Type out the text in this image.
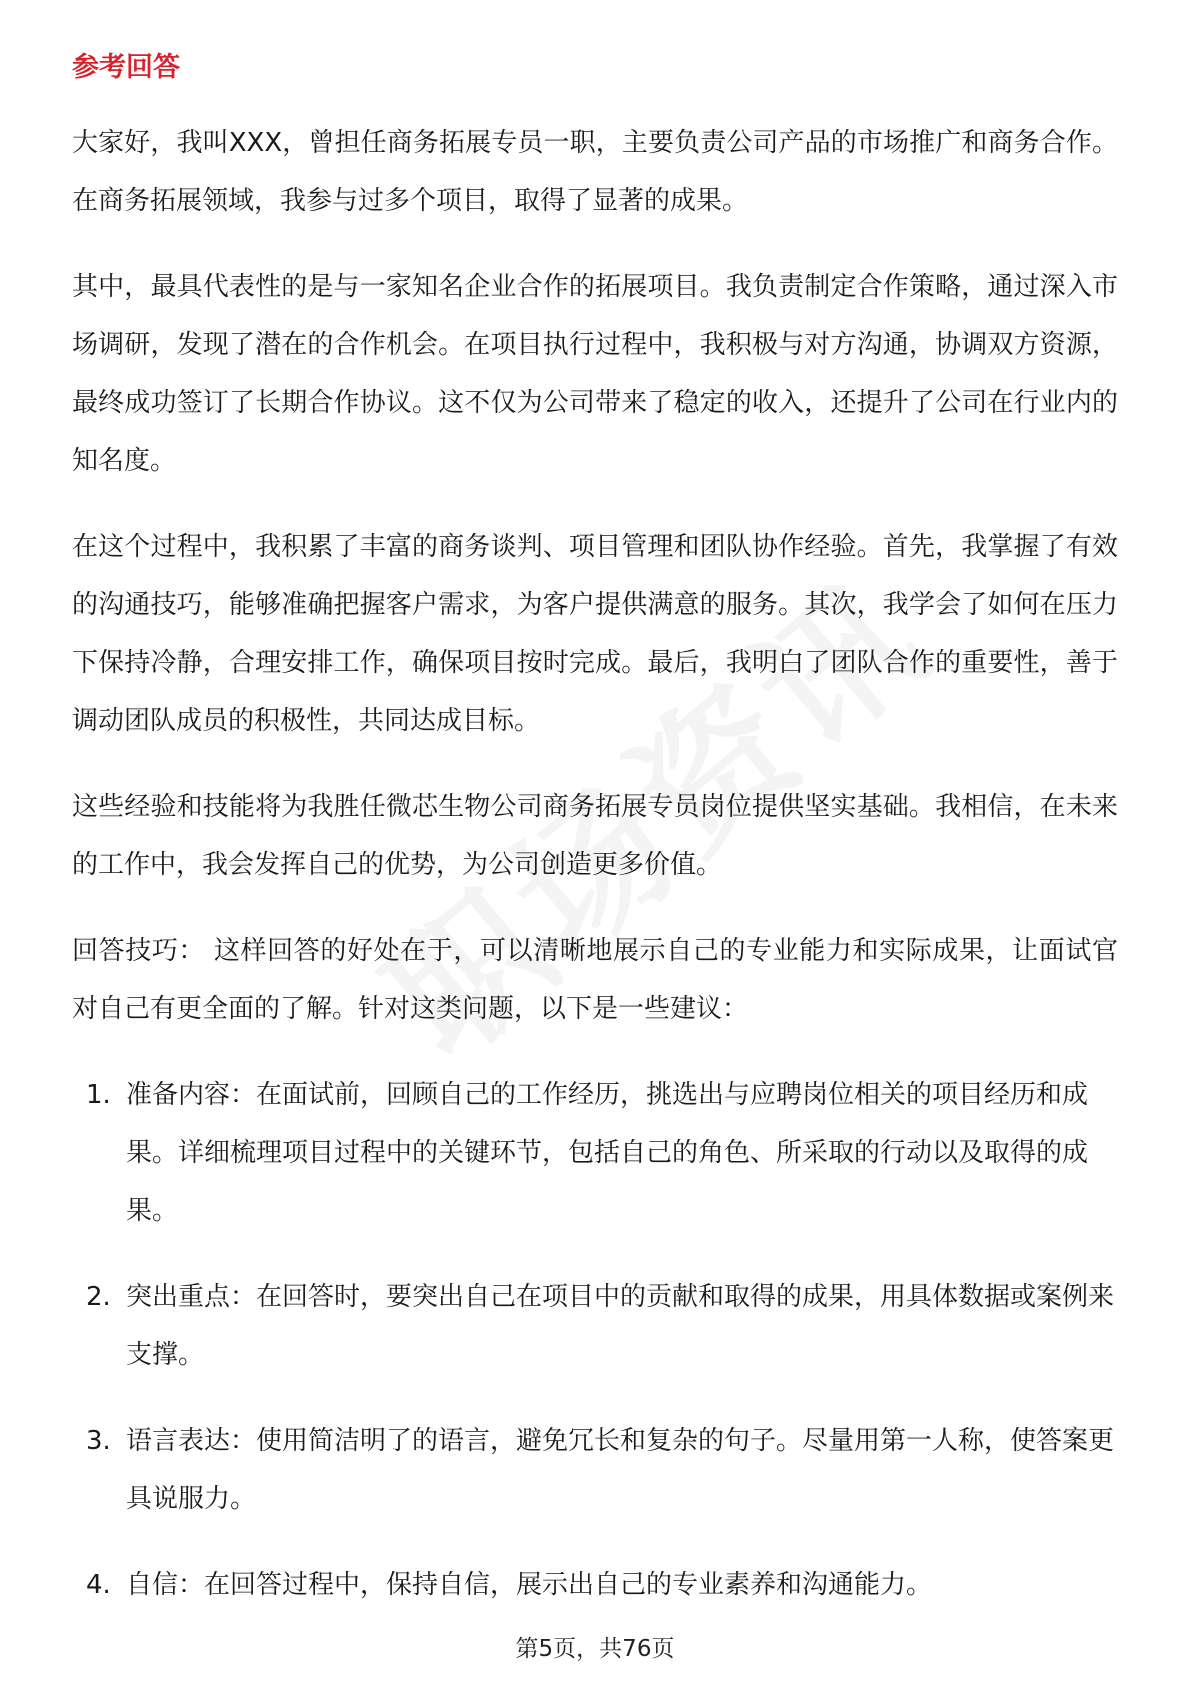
参考回答

大家好，我叫XXX，曾担任商务拓展专员一职，主要负责公司产品的市场推广和商务合作。在商务拓展领域，我参与过多个项目，取得了显著的成果。

其中，最具代表性的是与一家知名企业合作的拓展项目。我负责制定合作策略，通过深入市场调研，发现了潜在的合作机会。在项目执行过程中，我积极与对方沟通，协调双方资源，最终成功签订了长期合作协议。这不仅为公司带来了稳定的收入，还提升了公司在行业内的知名度。

在这个过程中，我积累了丰富的商务谈判、项目管理和团队协作经验。首先，我掌握了有效的沟通技巧，能够准确把握客户需求，为客户提供满意的服务。其次，我学会了如何在压力下保持冷静，合理安排工作，确保项目按时完成。最后，我明白了团队合作的重要性，善于调动团队成员的积极性，共同达成目标。

这些经验和技能将为我胜任微芯生物公司商务拓展专员岗位提供坚实基础。我相信，在未来的工作中，我会发挥自己的优势，为公司创造更多价值。

回答技巧： 这样回答的好处在于，可以清晰地展示自己的专业能力和实际成果，让面试官对自己有更全面的了解。针对这类问题，以下是一些建议：

1. 准备内容：在面试前，回顾自己的工作经历，挑选出与应聘岗位相关的项目经历和成果。详细梳理项目过程中的关键环节，包括自己的角色、所采取的行动以及取得的成果。
2. 突出重点：在回答时，要突出自己在项目中的贡献和取得的成果，用具体数据或案例来支撑。
3. 语言表达：使用简洁明了的语言，避免冗长和复杂的句子。尽量用第一人称，使答案更具说服力。
4. 自信：在回答过程中，保持自信，展示出自己的专业素养和沟通能力。
第5页，共76页
